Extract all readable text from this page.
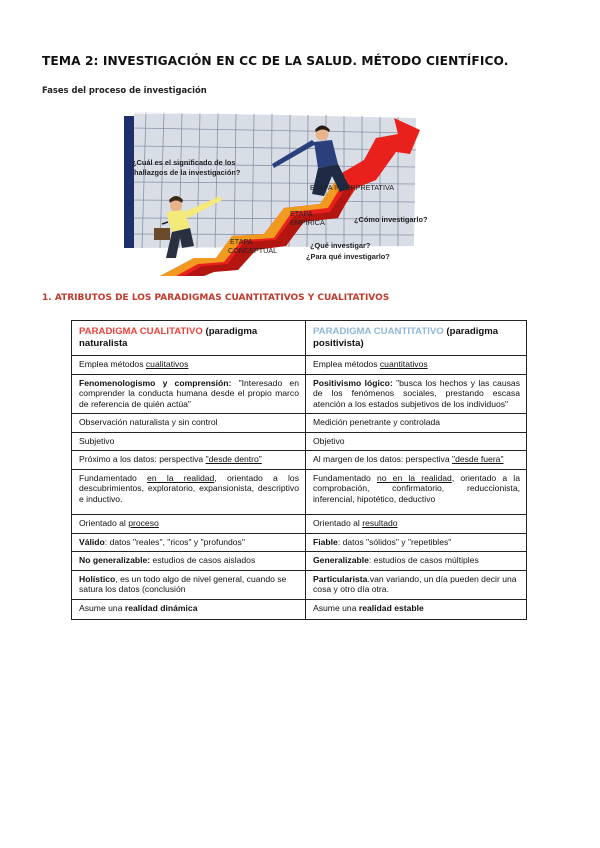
TEMA 2: INVESTIGACIÓN EN CC DE LA SALUD. MÉTODO CIENTÍFICO.
Fases del proceso de investigación
¿Cuál es el significado de los
hallazgos de la investigación?
ETAPA INTERPRETATIVA
ETAPA
EMPÍRICA	¿Cómo investigarlo?
ETAPA
CONCEPTUAL
¿Qué investigar?
¿Para qué investigarlo?
1. ATRIBUTOS DE LOS PARADIGMAS CUANTITATIVOS Y CUALITATIVOS
PARADIGMA CUALITATIVO (paradigma naturalista	PARADIGMA CUANTITATIVO (paradigma positivista)
Emplea métodos cualitativos	Emplea métodos cuantitativos
Fenomenologismo y comprensión: "Interesado en comprender la conducta humana desde el propio marco de referencia de quién actúa"	Positivismo lógico: "busca los hechos y las causas de los fenómenos sociales, prestando escasa atención a los estados subjetivos de los individuos"
Observación naturalista y sin control	Medición penetrante y controlada
Subjetivo	Objetivo
Próximo a los datos: perspectiva "desde dentro"	Al margen de los datos: perspectiva "desde fuera"
Fundamentado en la realidad, orientado a los descubrimientos, exploratorio, expansionista, descriptivo e inductivo.	Fundamentado no en la realidad, orientado a la comprobación, confirmatorio, reduccionista, inferencial, hipotético, deductivo
Orientado al proceso	Orientado al resultado
Válido: datos "reales", "ricos" y "profundos"	Fiable: datos "sólidos" y "repetibles"
No generalizable: estudios de casos aislados	Generalizable: estudios de casos múltiples
Holístico, es un todo algo de nivel general, cuando se satura los datos (conclusión	Particularista.van variando, un día pueden decir una cosa y otro día otra.
Asume una realidad dinámica	Asume una realidad estable
